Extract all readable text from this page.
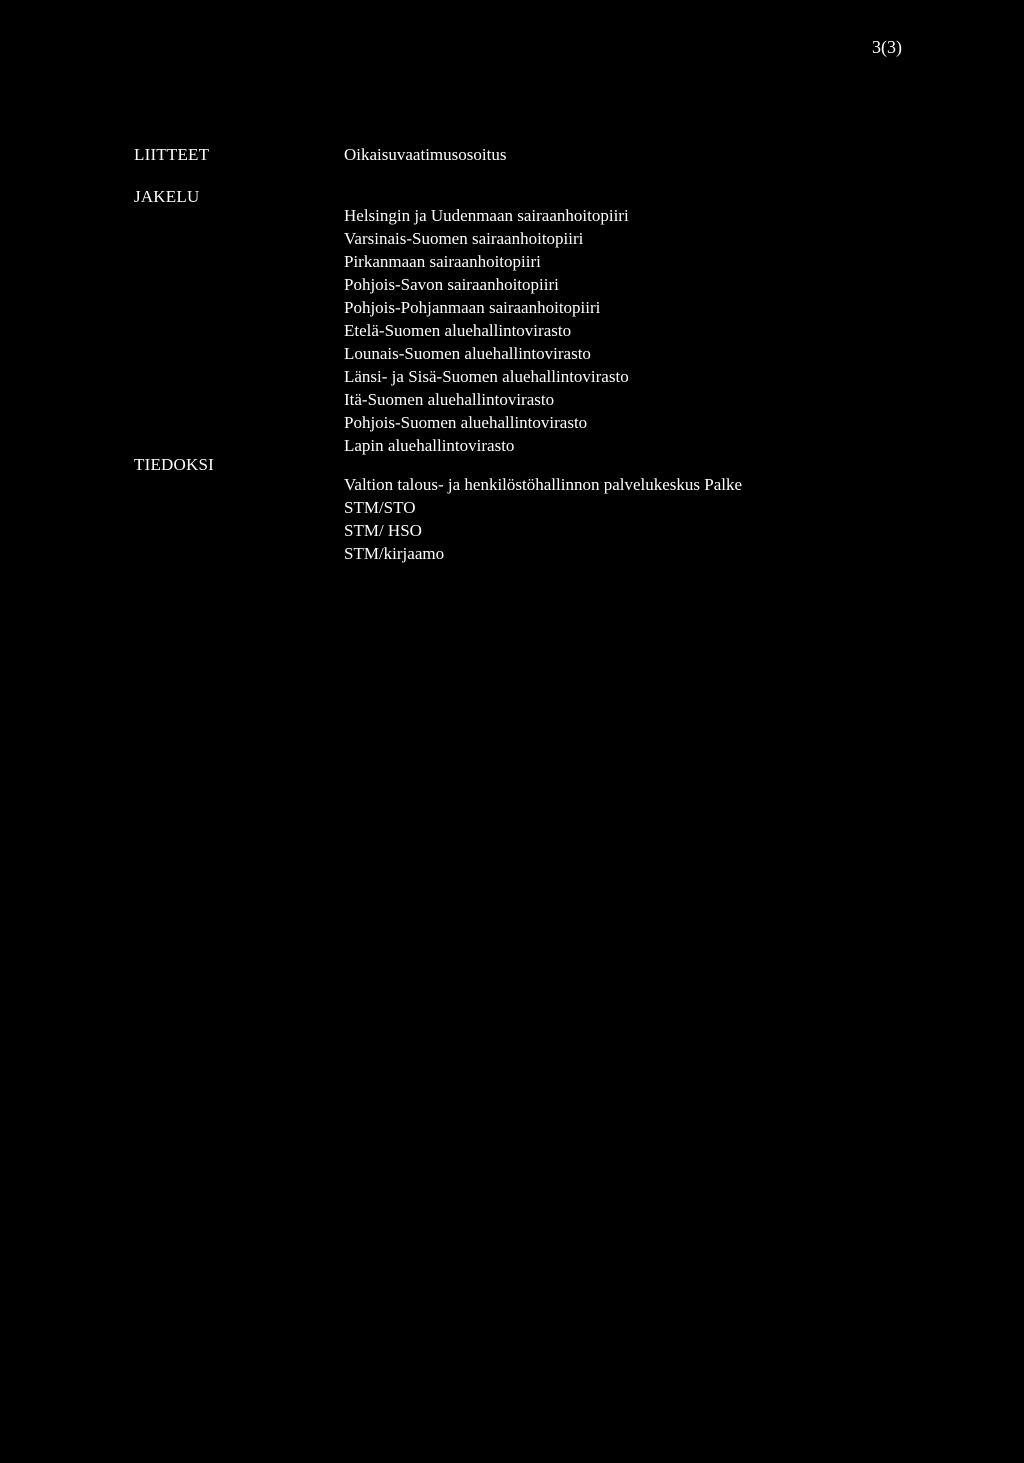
3(3)
LIITTEET	Oikaisuvaatimusosoitus
JAKELU
Helsingin ja Uudenmaan sairaanhoitopiiri
Varsinais-Suomen sairaanhoitopiiri
Pirkanmaan sairaanhoitopiiri
Pohjois-Savon sairaanhoitopiiri
Pohjois-Pohjanmaan sairaanhoitopiiri
Etelä-Suomen aluehallintovirasto
Lounais-Suomen aluehallintovirasto
Länsi- ja Sisä-Suomen aluehallintovirasto
Itä-Suomen aluehallintovirasto
Pohjois-Suomen aluehallintovirasto
Lapin aluehallintovirasto
TIEDOKSI
Valtion talous- ja henkilöstöhallinnon palvelukeskus Palke
STM/STO
STM/ HSO
STM/kirjaamo
